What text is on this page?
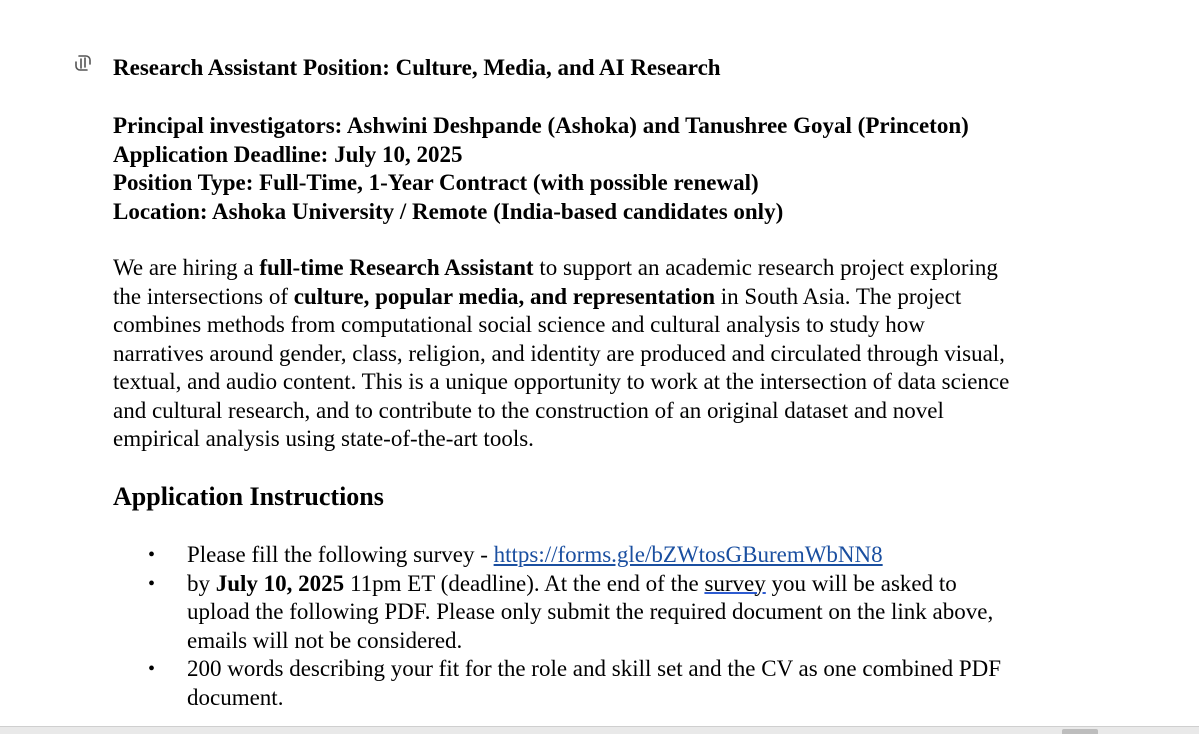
Research Assistant Position: Culture, Media, and AI Research
Principal investigators: Ashwini Deshpande (Ashoka) and Tanushree Goyal (Princeton)
Application Deadline: July 10, 2025
Position Type: Full-Time, 1-Year Contract (with possible renewal)
Location: Ashoka University / Remote (India-based candidates only)
We are hiring a full-time Research Assistant to support an academic research project exploring
the intersections of culture, popular media, and representation in South Asia. The project
combines methods from computational social science and cultural analysis to study how
narratives around gender, class, religion, and identity are produced and circulated through visual,
textual, and audio content. This is a unique opportunity to work at the intersection of data science
and cultural research, and to contribute to the construction of an original dataset and novel
empirical analysis using state-of-the-art tools.
Application Instructions
• Please fill the following survey - https://forms.gle/bZWtosGBuremWbNN8
• by July 10, 2025 11pm ET (deadline). At the end of the survey you will be asked to
upload the following PDF. Please only submit the required document on the link above,
emails will not be considered.
• 200 words describing your fit for the role and skill set and the CV as one combined PDF
document.
